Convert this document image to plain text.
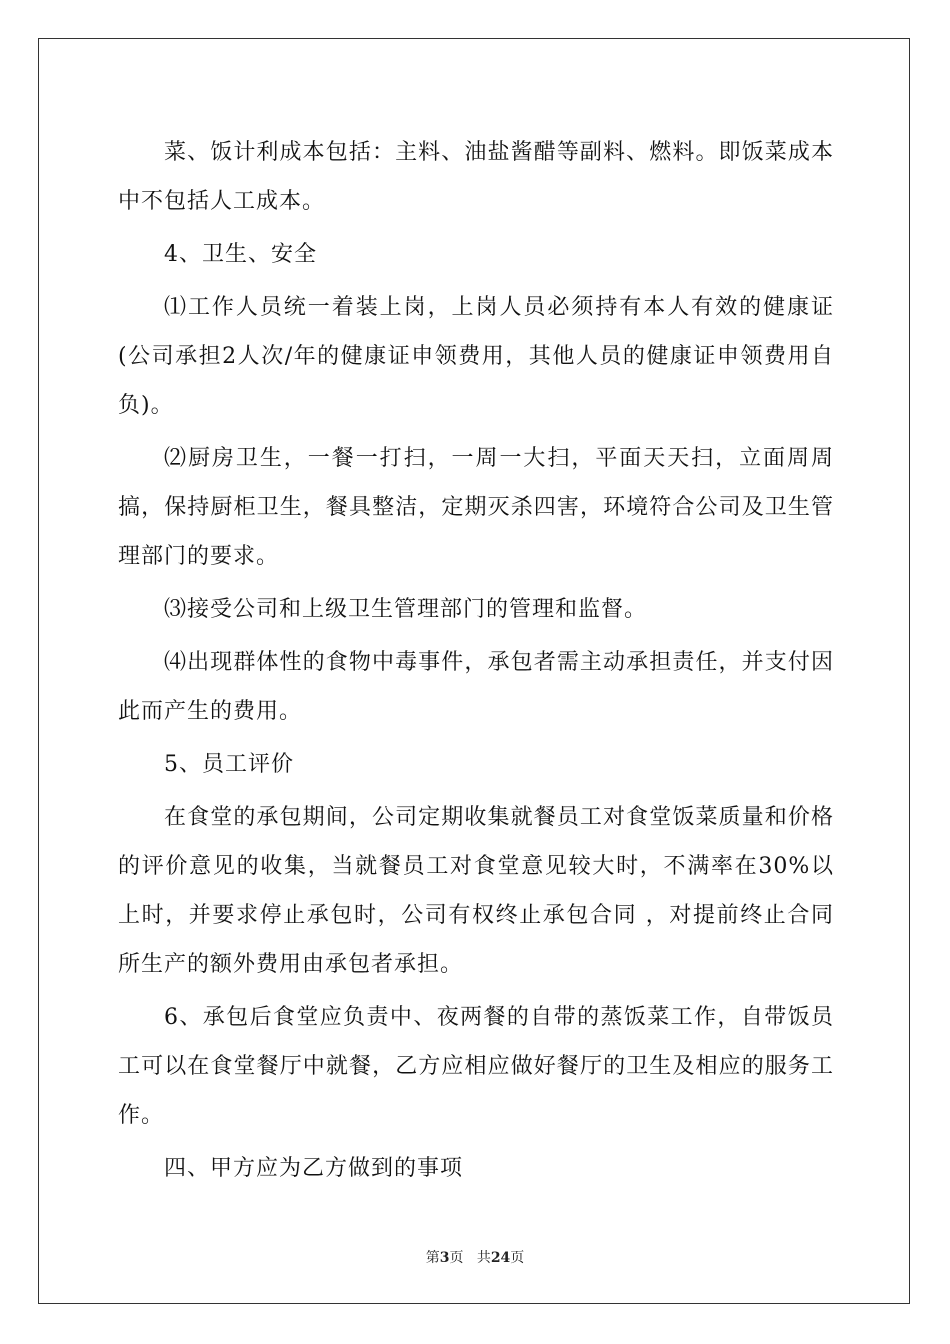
菜、饭计利成本包括：主料、油盐酱醋等副料、燃料。即饭菜成本中不包括人工成本。

4、卫生、安全

⑴工作人员统一着装上岗，上岗人员必须持有本人有效的健康证(公司承担2人次/年的健康证申领费用，其他人员的健康证申领费用自负)。

⑵厨房卫生，一餐一打扫，一周一大扫，平面天天扫，立面周周搞，保持厨柜卫生，餐具整洁，定期灭杀四害，环境符合公司及卫生管理部门的要求。

⑶接受公司和上级卫生管理部门的管理和监督。

⑷出现群体性的食物中毒事件，承包者需主动承担责任，并支付因此而产生的费用。

5、员工评价

在食堂的承包期间，公司定期收集就餐员工对食堂饭菜质量和价格的评价意见的收集，当就餐员工对食堂意见较大时，不满率在30%以上时，并要求停止承包时，公司有权终止承包合同 ，对提前终止合同所生产的额外费用由承包者承担。

6、承包后食堂应负责中、夜两餐的自带的蒸饭菜工作，自带饭员工可以在食堂餐厅中就餐，乙方应相应做好餐厅的卫生及相应的服务工作。

四、甲方应为乙方做到的事项

第3页 共24页
